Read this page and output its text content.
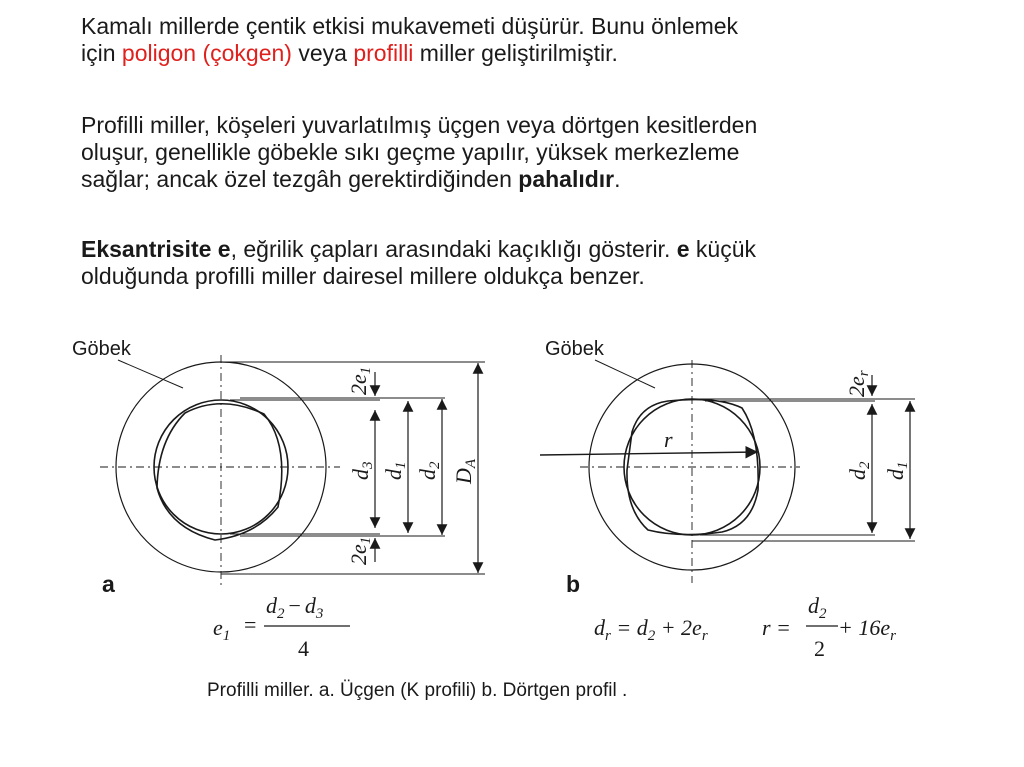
Kamalı millerde çentik etkisi mukavemeti düşürür. Bunu önlemek
için poligon (çokgen) veya profilli miller geliştirilmiştir.

Profilli miller, köşeleri yuvarlatılmış üçgen veya dörtgen kesitlerden
oluşur, genellikle göbekle sıkı geçme yapılır, yüksek merkezleme
sağlar; ancak özel tezgâh gerektirdiğinden pahalıdır.

Eksantrisite e, eğrilik çapları arasındaki kaçıklığı gösterir. e küçük
olduğunda profilli miller dairesel millere oldukça benzer.

Göbek
2e1
d3
d1
d2
DA
2e1
a
$e_1$ =
$d_2 - d_3$
4
Göbek
r
2er
d2
d1
b
$d_r = d_2 + 2e_r$ r =
$d_2$
2
+ $16e_r$
Profilli miller. a. Üçgen (K profili) b. Dörtgen profil .
